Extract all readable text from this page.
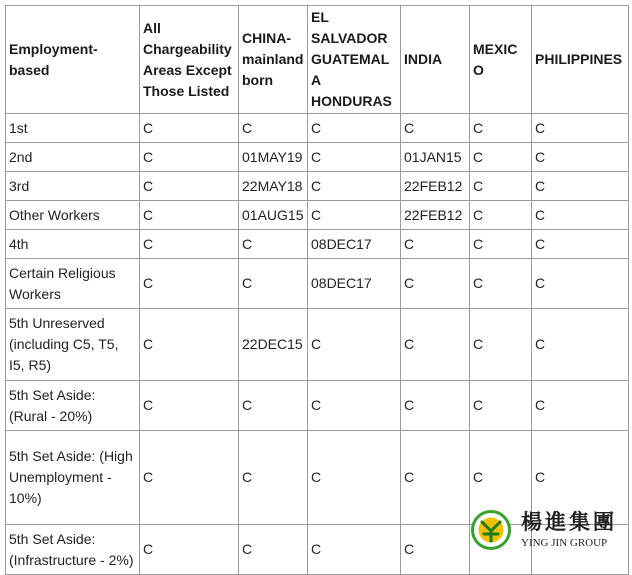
Employment-based	All Chargeability Areas Except Those Listed	CHINA-mainland born	EL SALVADOR GUATEMALA HONDURAS	INDIA	MEXICO	PHILIPPINES
1st	C	C	C	C	C	C
2nd	C	01MAY19	C	01JAN15	C	C
3rd	C	22MAY18	C	22FEB12	C	C
Other Workers	C	01AUG15	C	22FEB12	C	C
4th	C	C	08DEC17	C	C	C
Certain Religious Workers	C	C	08DEC17	C	C	C
5th Unreserved (including C5, T5, I5, R5)	C	22DEC15	C	C	C	C
5th Set Aside: (Rural - 20%)	C	C	C	C	C	C
5th Set Aside: (High Unemployment - 10%)	C	C	C	C	C	C
5th Set Aside: (Infrastructure - 2%)	C	C	C	C		
楊進集團
YING JIN GROUP
